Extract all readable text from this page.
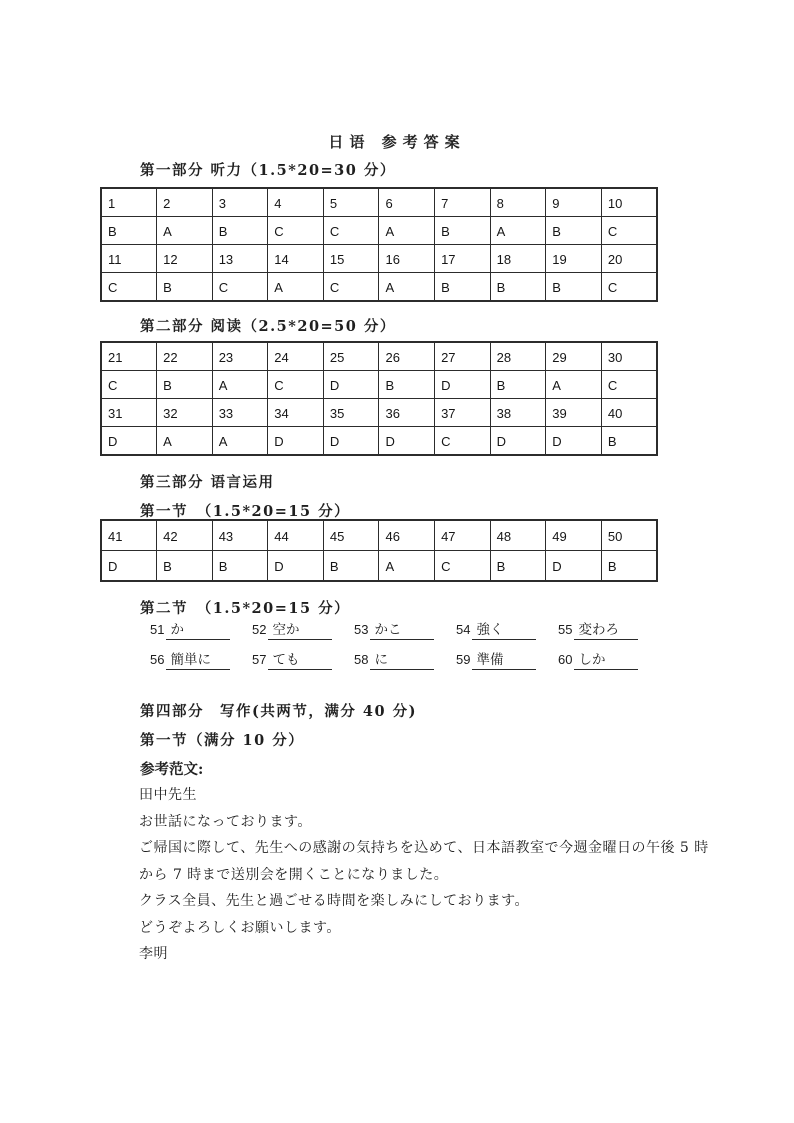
日语 参考答案
第一部分 听力（1.5*20=30 分）
1	2	3	4	5	6	7	8	9	10
B	A	B	C	C	A	B	A	B	C
11	12	13	14	15	16	17	18	19	20
C	B	C	A	C	A	B	B	B	C
第二部分 阅读（2.5*20=50 分）
21	22	23	24	25	26	27	28	29	30
C	B	A	C	D	B	D	B	A	C
31	32	33	34	35	36	37	38	39	40
D	A	A	D	D	D	C	D	D	B
第三部分 语言运用
第一节　（1.5*20=15 分）
41	42	43	44	45	46	47	48	49	50
D	B	B	D	B	A	C	B	D	B
第二节　（1.5*20=15 分）
51 か	52 空か	53 かこ	54 強く	55 変わろ
56 簡単に	57 ても	58 に	59 準備	60 しか
第四部分　写作(共两节，满分 40 分)
第一节（满分 10 分）
参考范文:
田中先生
お世話になっております。
ご帰国に際して、先生への感謝の気持ちを込めて、日本語教室で今週金曜日の午後 5 時
から 7 時まで送別会を開くことになりました。
クラス全員、先生と過ごせる時間を楽しみにしております。
どうぞよろしくお願いします。
李明
